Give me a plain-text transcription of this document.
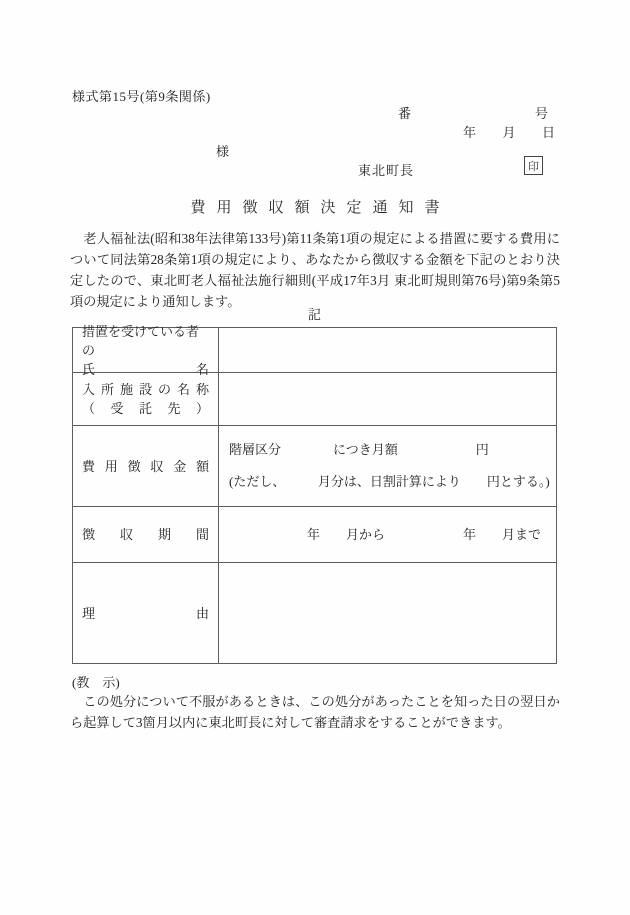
様式第15号(第9条関係)
番	号
年 月 日
様
東北町長	印
費用徴収額決定通知書
　老人福祉法(昭和38年法律第133号)第11条第1項の規定による措置に要する費用について同法第28条第1項の規定により、あなたから徴収する金額を下記のとおり決定したので、東北町老人福祉法施行細則(平成17年3月 東北町規則第76号)第9条第5項の規定により通知します。
記
措置を受けている者の
氏名
入所施設の名称
（受託先）
費用徴収金額
階層区分　　　　につき月額　　　　　　円
(ただし、　　　月分は、日割計算により　　円とする。)
徴収期間 　　　　　　年　　月から　　　　　　年　　月まで
理由
(教　示)
　この処分について不服があるときは、この処分があったことを知った日の翌日から起算して3箇月以内に東北町長に対して審査請求をすることができます。
